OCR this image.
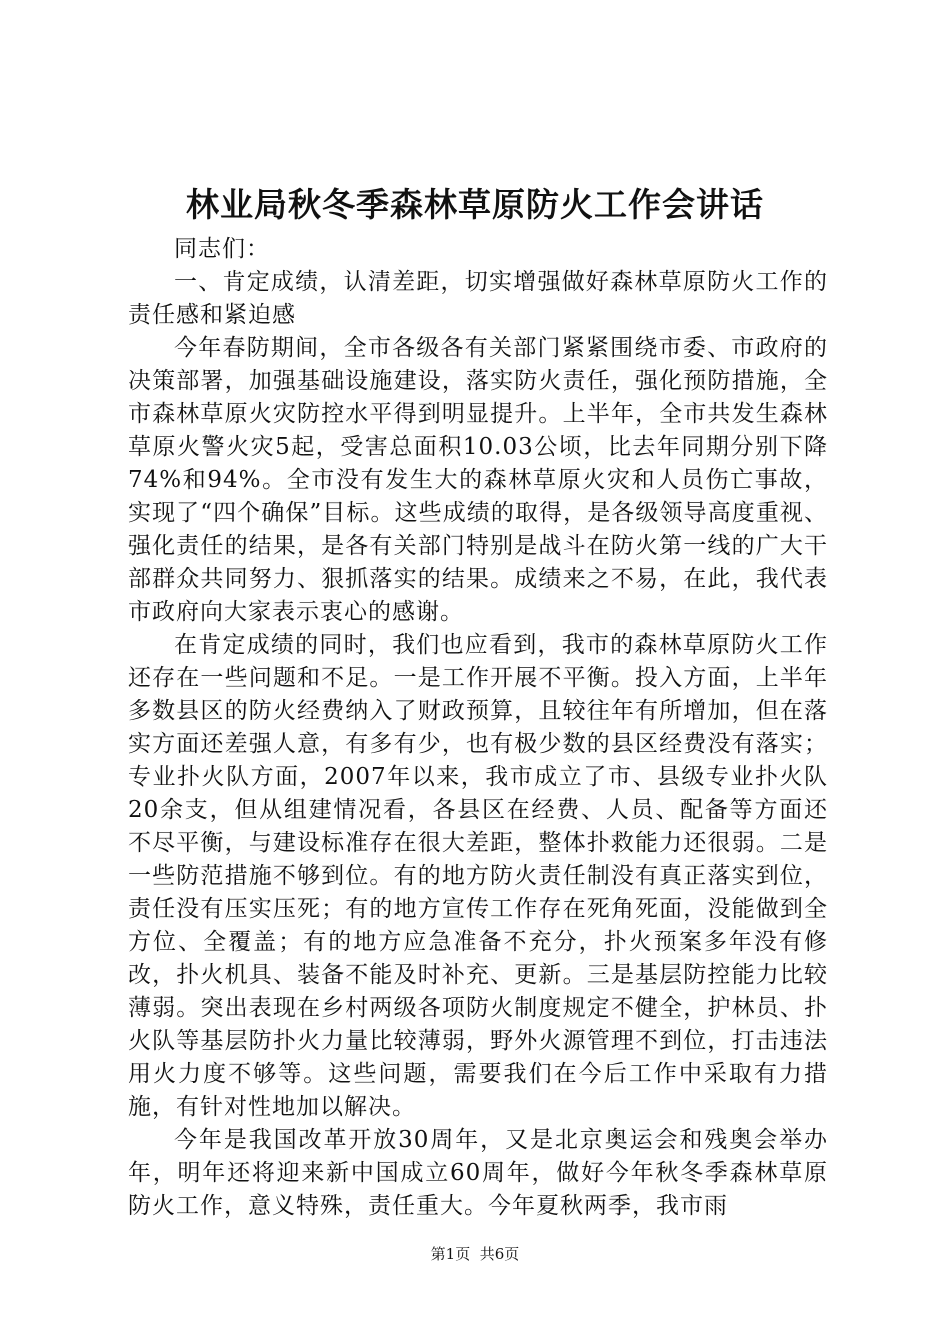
林业局秋冬季森林草原防火工作会讲话

同志们：

一、肯定成绩，认清差距，切实增强做好森林草原防火工作的责任感和紧迫感

今年春防期间，全市各级各有关部门紧紧围绕市委、市政府的决策部署，加强基础设施建设，落实防火责任，强化预防措施，全市森林草原火灾防控水平得到明显提升。上半年，全市共发生森林草原火警火灾5起，受害总面积10.03公顷，比去年同期分别下降74%和94%。全市没有发生大的森林草原火灾和人员伤亡事故，实现了“四个确保”目标。这些成绩的取得，是各级领导高度重视、强化责任的结果，是各有关部门特别是战斗在防火第一线的广大干部群众共同努力、狠抓落实的结果。成绩来之不易，在此，我代表市政府向大家表示衷心的感谢。

在肯定成绩的同时，我们也应看到，我市的森林草原防火工作还存在一些问题和不足。一是工作开展不平衡。投入方面，上半年多数县区的防火经费纳入了财政预算，且较往年有所增加，但在落实方面还差强人意，有多有少，也有极少数的县区经费没有落实；专业扑火队方面，2007年以来，我市成立了市、县级专业扑火队20余支，但从组建情况看，各县区在经费、人员、配备等方面还不尽平衡，与建设标准存在很大差距，整体扑救能力还很弱。二是一些防范措施不够到位。有的地方防火责任制没有真正落实到位，责任没有压实压死；有的地方宣传工作存在死角死面，没能做到全方位、全覆盖；有的地方应急准备不充分，扑火预案多年没有修改，扑火机具、装备不能及时补充、更新。三是基层防控能力比较薄弱。突出表现在乡村两级各项防火制度规定不健全，护林员、扑火队等基层防扑火力量比较薄弱，野外火源管理不到位，打击违法用火力度不够等。这些问题，需要我们在今后工作中采取有力措施，有针对性地加以解决。

今年是我国改革开放30周年，又是北京奥运会和残奥会举办年，明年还将迎来新中国成立60周年，做好今年秋冬季森林草原防火工作，意义特殊，责任重大。今年夏秋两季，我市雨

第1页 共6页
